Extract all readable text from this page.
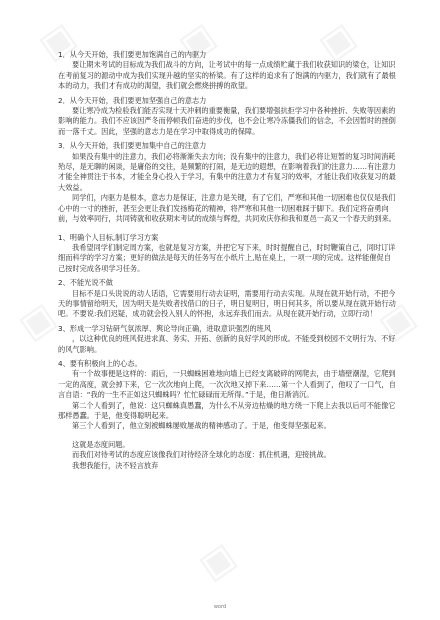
▣ ▣ ▣
▣	▣
▣

1．从今天开始，我们要更加饱满自己的内驱力

要让期末考试的目标成为我们战斗的方向，让考试中的每一点成绩贮藏于我们收获知识的梁仓，让知识在考前复习的源动中成为我们实现升越的坚实的桥梁。有了这样的追求有了饱满的内驱力，我们就有了最根本的动力，我们才有成功的渴望，我们就会燃烧拼搏的欲望。

2．从今天开始，我们要更加坚强自己的意志力

要让寒冷成为检验我们能否实现十天冲刺的重要衡量，我们要增强抗拒学习中各种挫折、失败等因素的影响的能力。我们不应该因严冬而停顿我们奋进的步伐，也不会让寒冷冻僵我们的信念，不会因暂时的挫倒而一落千丈。因此，坚强的意志力是在学习中取得成功的保障。

3．从今天开始，我们要更加集中自己的注意力

如果没有集中的注意力，我们必将渐渐失去方向；没有集中的注意力，我们必将让短暂的复习时间消耗殆尽，是无聊的闲谈，是庸俗的交往，是频繁的打闹，是无边的遐想，在影响着我们的注意力……有注意力才能全神贯注于书本，才能全身心投入于学习，有集中的注意力才有复习的效率，才能让我们收获复习的最大效益。

同学们，内驱力是根本，意志力是保证，注意力是关键，有了它们，严寒和其他一切困难也仅仅是我们心中的一寸的挫折，甚至会更让我们发扬梅花的精神，将严寒和其他一切困难踩于脚下。我们定将奋勇向前，与效率同行，共同铸就和收获期末考试的成绩与辉煌，共同欢庆你和我和夏邑一高又一个春天的到来。

1、明确个人目标,制订学习方案

我希望同学们制定周方案，也就是复习方案，并把它写下来，时时提醒自己，时时鞭策自己，同时订详细而科学的学习方案；更好的做法是每天的任务写在小纸片上,贴在桌上，一项一项的完成。这样能催促自己按时完成各项学习任务。

2、不能光说不做

目标不是口头说说的动人话语，它需要用行动去证明，需要用行动去实现。从现在就开始行动，不把今天的事情留给明天，因为明天是失败者找借口的日子，明日复明日，明日何其多，所以要从现在就开始行动吧。不要说:我们迟疑，成功就会投入别人的怀抱，永远弃我们而去。从现在就开始行动，立即行动！

3、形成一学习钻研气氛浓厚、舆论导向正确，进取意识强烈的班风

，以这种优良的班风促进求真、务实、开拓、创新的良好学风的形成。不能受到校园不文明行为、不好的风气影响。

4、要有积极向上的心态。

有一个故事便是这样的：雨后，一只蜘蛛困难地向墙上已经支离破碎的网爬去，由于墙壁潮湿，它爬到一定的高度，就会掉下来，它一次次地向上爬，一次次地又掉下来……第一个人看到了，他叹了一口气，自言自语：“我的一生不正如这只蜘蛛吗？忙忙碌碌而无所得。”于是，他日渐消沉。

第二个人看到了，他说：这只蜘蛛真愚蠢，为什么不从旁边枯燥的地方绕一下爬上去我以后可不能像它那样愚蠢。于是，他变得聪明起来。

第三个人看到了，他立刻被蜘蛛屡败屡战的精神感动了。于是，他变得坚强起来。

这就是态度问题。

而我们对待考试的态度应该像我们对待经济全球化的态度：抓住机遇，迎接挑战。

我想我能行，决不轻言放弃

word
